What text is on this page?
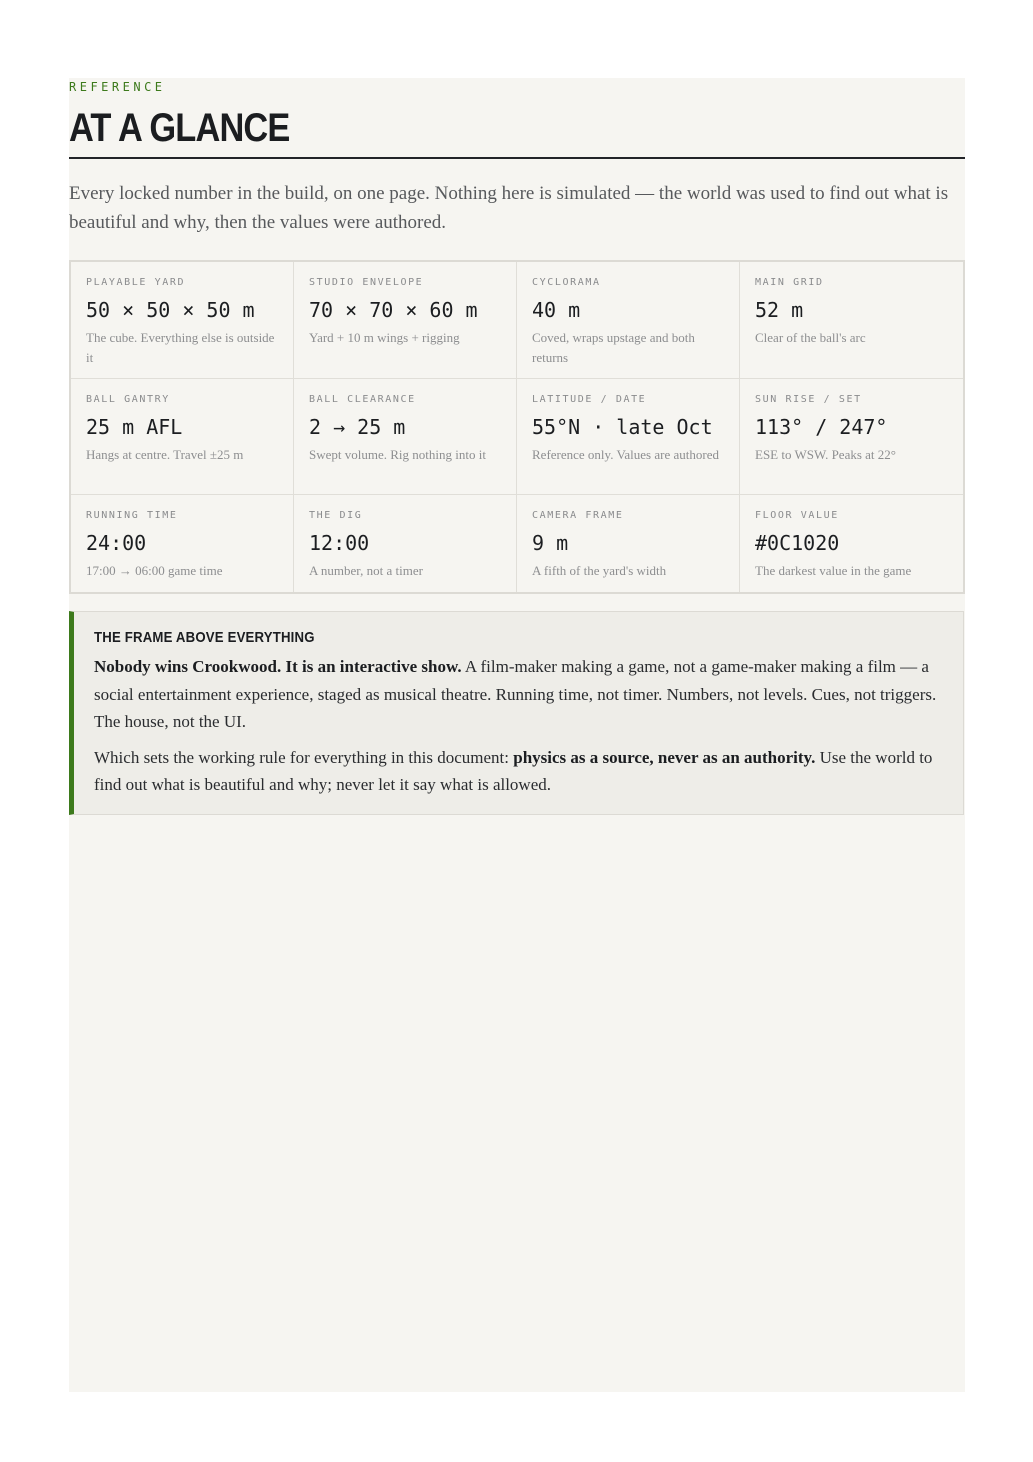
REFERENCE
AT A GLANCE

Every locked number in the build, on one page. Nothing here is simulated — the world was used to find out what is beautiful and why, then the values were authored.

PLAYABLE YARD
50 × 50 × 50 m
The cube. Everything else is outside it
STUDIO ENVELOPE
70 × 70 × 60 m
Yard + 10 m wings + rigging
CYCLORAMA
40 m
Coved, wraps upstage and both returns
MAIN GRID
52 m
Clear of the ball's arc
BALL GANTRY
25 m AFL
Hangs at centre. Travel ±25 m
BALL CLEARANCE
2 → 25 m
Swept volume. Rig nothing into it
LATITUDE / DATE
55°N · late Oct
Reference only. Values are authored
SUN RISE / SET
113° / 247°
ESE to WSW. Peaks at 22°
RUNNING TIME
24:00
17:00 → 06:00 game time
THE DIG
12:00
A number, not a timer
CAMERA FRAME
9 m
A fifth of the yard's width
FLOOR VALUE
#0C1020
The darkest value in the game
THE FRAME ABOVE EVERYTHING

Nobody wins Crookwood. It is an interactive show. A film-maker making a game, not a game-maker making a film — a social entertainment experience, staged as musical theatre. Running time, not timer. Numbers, not levels. Cues, not triggers. The house, not the UI.

Which sets the working rule for everything in this document: physics as a source, never as an authority. Use the world to find out what is beautiful and why; never let it say what is allowed.
